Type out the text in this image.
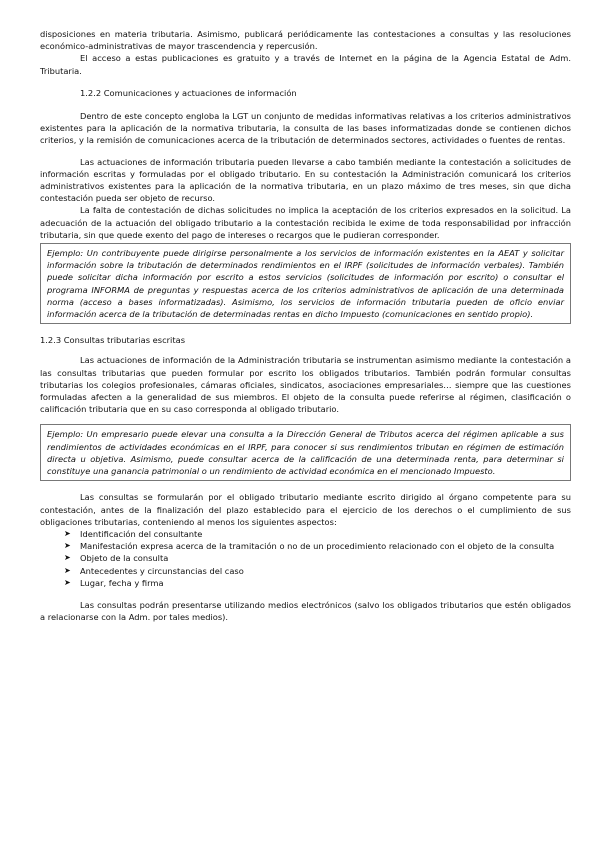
disposiciones en materia tributaria. Asimismo, publicará periódicamente las contestaciones a consultas y las resoluciones económico-administrativas de mayor trascendencia y repercusión.

El acceso a estas publicaciones es gratuito y a través de Internet en la página de la Agencia Estatal de Adm. Tributaria.

1.2.2 Comunicaciones y actuaciones de información

Dentro de este concepto engloba la LGT un conjunto de medidas informativas relativas a los criterios administrativos existentes para la aplicación de la normativa tributaria, la consulta de las bases informatizadas donde se contienen dichos criterios, y la remisión de comunicaciones acerca de la tributación de determinados sectores, actividades o fuentes de rentas.

Las actuaciones de información tributaria pueden llevarse a cabo también mediante la contestación a solicitudes de información escritas y formuladas por el obligado tributario. En su contestación la Administración comunicará los criterios administrativos existentes para la aplicación de la normativa tributaria, en un plazo máximo de tres meses, sin que dicha contestación pueda ser objeto de recurso.

La falta de contestación de dichas solicitudes no implica la aceptación de los criterios expresados en la solicitud. La adecuación de la actuación del obligado tributario a la contestación recibida le exime de toda responsabilidad por infracción tributaria, sin que quede exento del pago de intereses o recargos que le pudieran corresponder.

Ejemplo: Un contribuyente puede dirigirse personalmente a los servicios de información existentes en la AEAT y solicitar información sobre la tributación de determinados rendimientos en el IRPF (solicitudes de información verbales). También puede solicitar dicha información por escrito a estos servicios (solicitudes de información por escrito) o consultar el programa INFORMA de preguntas y respuestas acerca de los criterios administrativos de aplicación de una determinada norma (acceso a bases informatizadas). Asimismo, los servicios de información tributaria pueden de oficio enviar información acerca de la tributación de determinadas rentas en dicho Impuesto (comunicaciones en sentido propio).

1.2.3 Consultas tributarias escritas

Las actuaciones de información de la Administración tributaria se instrumentan asimismo mediante la contestación a las consultas tributarias que pueden formular por escrito los obligados tributarios. También podrán formular consultas tributarias los colegios profesionales, cámaras oficiales, sindicatos, asociaciones empresariales… siempre que las cuestiones formuladas afecten a la generalidad de sus miembros. El objeto de la consulta puede referirse al régimen, clasificación o calificación tributaria que en su caso corresponda al obligado tributario.

Ejemplo: Un empresario puede elevar una consulta a la Dirección General de Tributos acerca del régimen aplicable a sus rendimientos de actividades económicas en el IRPF, para conocer si sus rendimientos tributan en régimen de estimación directa u objetiva. Asimismo, puede consultar acerca de la calificación de una determinada renta, para determinar si constituye una ganancia patrimonial o un rendimiento de actividad económica en el mencionado Impuesto.

Las consultas se formularán por el obligado tributario mediante escrito dirigido al órgano competente para su contestación, antes de la finalización del plazo establecido para el ejercicio de los derechos o el cumplimiento de sus obligaciones tributarias, conteniendo al menos los siguientes aspectos:

➤ Identificación del consultante
➤ Manifestación expresa acerca de la tramitación o no de un procedimiento relacionado con el objeto de la consulta
➤ Objeto de la consulta
➤ Antecedentes y circunstancias del caso
➤ Lugar, fecha y firma

Las consultas podrán presentarse utilizando medios electrónicos (salvo los obligados tributarios que estén obligados a relacionarse con la Adm. por tales medios).
